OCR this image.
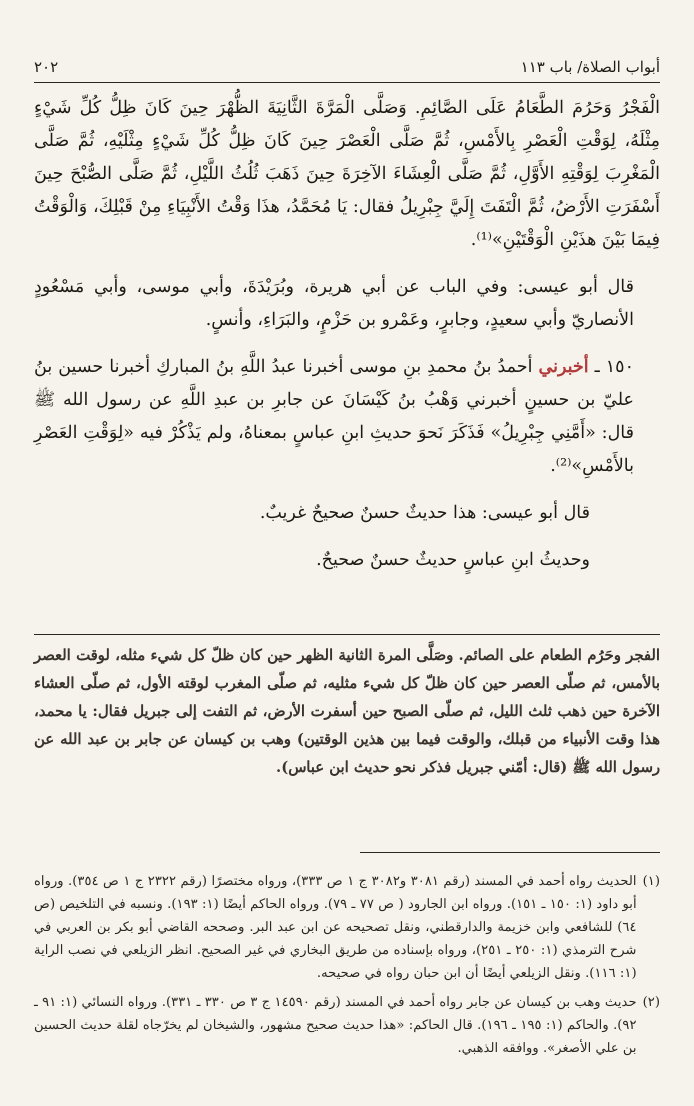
أبواب الصلاة/ باب ١١٣
٢٠٢

الْفَجْرُ وَحَرُمَ الطَّعَامُ عَلَى الصَّائِمِ. وَصَلَّى الْمَرَّةَ الثَّانِيَةَ الظُّهْرَ حِينَ كَانَ ظِلُّ كُلِّ شَيْءٍ مِثْلَهُ، لِوَقْتِ الْعَصْرِ بِالأَمْسِ، ثُمَّ صَلَّى الْعَصْرَ حِينَ كَانَ ظِلُّ كُلِّ شَيْءٍ مِثْلَيْهِ، ثُمَّ صَلَّى الْمَغْرِبَ لِوَقْتِهِ الأَوَّلِ، ثُمَّ صَلَّى الْعِشَاءَ الآخِرَةَ حِينَ ذَهَبَ ثُلُثُ اللَّيْلِ، ثُمَّ صَلَّى الصُّبْحَ حِينَ أَسْفَرَتِ الأَرْضُ، ثُمَّ الْتَفَتَ إِلَيَّ جِبْرِيلُ فقال: يَا مُحَمَّدُ، هذَا وَقْتُ الأَنْبِيَاءِ مِنْ قَبْلِكَ، وَالْوَقْتُ فِيمَا بَيْنَ هذَيْنِ الْوَقْتَيْنِ»⁽¹⁾.

قال أبو عيسى: وفي الباب عن أبي هريرة، وبُرَيْدَةَ، وأبي موسى، وأبي مَسْعُودٍ الأنصاريّ وأبي سعيدٍ، وجابرٍ، وعَمْرو بن حَزْمٍ، والبَرَاءِ، وأنسٍ.

١٥٠ ـ أخبرني أحمدُ بنُ محمدِ بنِ موسى أخبرنا عبدُ اللَّهِ بنُ المباركِ أخبرنا حسين بنُ عليّ بن حسينٍ أخبرني وَهْبُ بنُ كَيْسَانَ عن جابرِ بن عبدِ اللَّهِ عن رسول الله ﷺ قال: «أَمَّنِي جِبْرِيلُ» فَذَكَرَ نَحوَ حديثِ ابنِ عباسٍ بمعناهُ، ولم يَذْكُرْ فيه «لِوَقْتِ العَصْرِ بالأَمْسِ»⁽²⁾.

قال أبو عيسى: هذا حديثٌ حسنٌ صحيحٌ غريبٌ.

وحديثُ ابنِ عباسٍ حديثٌ حسنٌ صحيحٌ.

الفجر وحَرُم الطعام على الصائم. وصَلَّى المرة الثانية الظهر حين كان ظلّ كل شيء مثله، لوقت العصر بالأمس، ثم صلّى العصر حين كان ظلّ كل شيء مثليه، ثم صلّى المغرب لوقته الأول، ثم صلّى العشاء الآخرة حين ذهب ثلث الليل، ثم صلّى الصبح حين أسفرت الأرض، ثم التفت إلى جبريل فقال: يا محمد، هذا وقت الأنبياء من قبلك، والوقت فيما بين هذين الوقتين) وهب بن كيسان عن جابر بن عبد الله عن رسول الله ﷺ (قال: أمّني جبريل فذكر نحو حديث ابن عباس).

(١)
الحديث رواه أحمد في المسند (رقم ٣٠٨١ و٣٠٨٢ ج ١ ص ٣٣٣)، ورواه مختصرًا (رقم ٢٣٢٢ ج ١ ص ٣٥٤). ورواه أبو داود (١: ١٥٠ ـ ١٥١). ورواه ابن الجارود ( ص ٧٧ ـ ٧٩). ورواه الحاكم أيضًا (١: ١٩٣). ونسبه في التلخيص (ص ٦٤) للشافعي وابن خزيمة والدارقطني، ونقل تصحيحه عن ابن عبد البر. وصححه القاضي أبو بكر بن العربي في شرح الترمذي (١: ٢٥٠ ـ ٢٥١)، ورواه بإسناده من طريق البخاري في غير الصحيح. انظر الزيلعي في نصب الراية (١: ١١٦). ونقل الزيلعي أيضًا أن ابن حبان رواه في صحيحه.
(٢)
حديث وهب بن كيسان عن جابر رواه أحمد في المسند (رقم ١٤٥٩٠ ج ٣ ص ٣٣٠ ـ ٣٣١). ورواه النسائي (١: ٩١ ـ ٩٢). والحاكم (١: ١٩٥ ـ ١٩٦). قال الحاكم: «هذا حديث صحيح مشهور، والشيخان لم يخرّجاه لقلة حديث الحسين بن علي الأصغر». ووافقه الذهبي.
